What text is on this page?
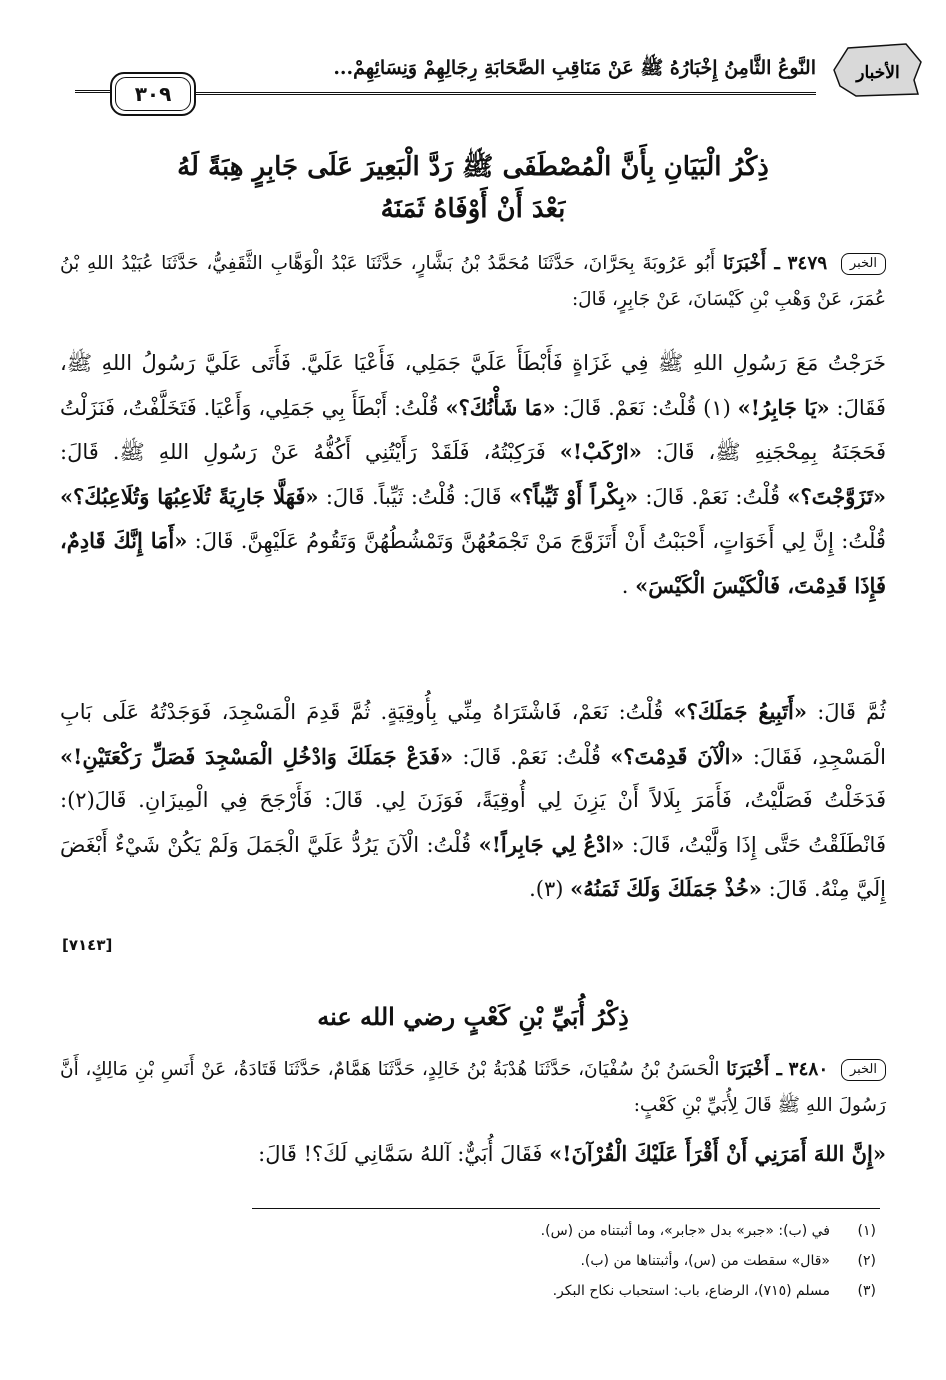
الأخبار
النَّوعُ الثَّامِنُ إِخْبَارُهُ ﷺ عَنْ مَنَاقِبِ الصَّحَابَةِ رِجَالِهِمْ وَنِسَائِهِمْ...
٣٠٩
ذِكْرُ الْبَيَانِ بِأَنَّ الْمُصْطَفَى ﷺ رَدَّ الْبَعِيرَ عَلَى جَابِرٍ هِبَةً لَهُ
بَعْدَ أَنْ أَوْفَاهُ ثَمَنَهُ
الخبر ٣٤٧٩ ـ أَخْبَرَنَا أَبُو عَرُوبَةَ بِحَرَّانَ، حَدَّثَنَا مُحَمَّدُ بْنُ بَشَّارٍ، حَدَّثَنَا عَبْدُ الْوَهَّابِ الثَّقَفِيُّ، حَدَّثَنَا عُبَيْدُ اللهِ بْنُ عُمَرَ، عَنْ وَهْبِ بْنِ كَيْسَانَ، عَنْ جَابِرٍ، قَالَ:
خَرَجْتُ مَعَ رَسُولِ اللهِ ﷺ فِي غَزَاةٍ فَأَبْطَأَ عَلَيَّ جَمَلِي، فَأَعْيَا عَلَيَّ. فَأَتَى عَلَيَّ رَسُولُ اللهِ ﷺ، فَقَالَ: «يَا جَابِرُ!» (١) قُلْتُ: نَعَمْ. قَالَ: «مَا شَأْنُكَ؟» قُلْتُ: أَبْطَأَ بِي جَمَلِي، وَأَعْيَا. فَتَخَلَّفْتُ، فَنَزَلْتُ فَحَجَنَهُ بِمِحْجَنِهِ ﷺ، قَالَ: «ارْكَبْ!» فَرَكِبْتُهُ، فَلَقَدْ رَأَيْتُنِي أَكُفُّهُ عَنْ رَسُولِ اللهِ ﷺ. قَالَ: «تَزَوَّجْتَ؟» قُلْتُ: نَعَمْ. قَالَ: «بِكْراً أَوْ ثَيِّباً؟» قَالَ: قُلْتُ: ثَيِّباً. قَالَ: «فَهَلَّا جَارِيَةً تُلَاعِبُهَا وَتُلَاعِبُكَ؟» قُلْتُ: إِنَّ لِي أَخَوَاتٍ، أَحْبَبْتُ أَنْ أَتَزَوَّجَ مَنْ تَجْمَعُهُنَّ وَتَمْشُطُهُنَّ وَتَقُومُ عَلَيْهِنَّ. قَالَ: «أَمَا إِنَّكَ قَادِمٌ، فَإِذَا قَدِمْتَ، فَالْكَيْسَ الْكَيْسَ» .
ثُمَّ قَالَ: «أَتَبِيعُ جَمَلَكَ؟» قُلْتُ: نَعَمْ، فَاشْتَرَاهُ مِنِّي بِأُوقِيَةٍ. ثُمَّ قَدِمَ الْمَسْجِدَ، فَوَجَدْتُهُ عَلَى بَابِ الْمَسْجِدِ، فَقَالَ: «الْآنَ قَدِمْتَ؟» قُلْتُ: نَعَمْ. قَالَ: «فَدَعْ جَمَلَكَ وَادْخُلِ الْمَسْجِدَ فَصَلِّ رَكْعَتَيْنِ!» فَدَخَلْتُ فَصَلَّيْتُ، فَأَمَرَ بِلَالاً أَنْ يَزِنَ لِي أُوقِيَةً، فَوَزَنَ لِي. قَالَ: فَأَرْجَحَ فِي الْمِيزَانِ. قَالَ(٢): فَانْطَلَقْتُ حَتَّى إِذَا وَلَّيْتُ، قَالَ: «ادْعُ لِي جَابِراً!» قُلْتُ: الْآنَ يَرُدُّ عَلَيَّ الْجَمَلَ وَلَمْ يَكُنْ شَيْءٌ أَبْغَضَ إِلَيَّ مِنْهُ. قَالَ: «خُذْ جَمَلَكَ وَلَكَ ثَمَنُهُ» (٣).
[٧١٤٣]
ذِكْرُ أُبَيِّ بْنِ كَعْبٍ رضي الله عنه
الخبر ٣٤٨٠ ـ أَخْبَرَنَا الْحَسَنُ بْنُ سُفْيَانَ، حَدَّثَنَا هُدْبَةُ بْنُ خَالِدٍ، حَدَّثَنَا هَمَّامٌ، حَدَّثَنَا قَتَادَةُ، عَنْ أَنَسِ بْنِ مَالِكٍ، أَنَّ رَسُولَ اللهِ ﷺ قَالَ لِأُبَيِّ بْنِ كَعْبٍ:
«إِنَّ اللهَ أَمَرَنِي أَنْ أَقْرَأَ عَلَيْكَ الْقُرْآنَ!» فَقَالَ أُبَيٌّ: آللهُ سَمَّانِي لَكَ؟! قَالَ:
(١)في (ب): «جبر» بدل «جابر»، وما أثبتناه من (س).
(٢)«قال» سقطت من (س)، وأثبتناها من (ب).
(٣)مسلم (٧١٥)، الرضاع، باب: استحباب نكاح البكر.
